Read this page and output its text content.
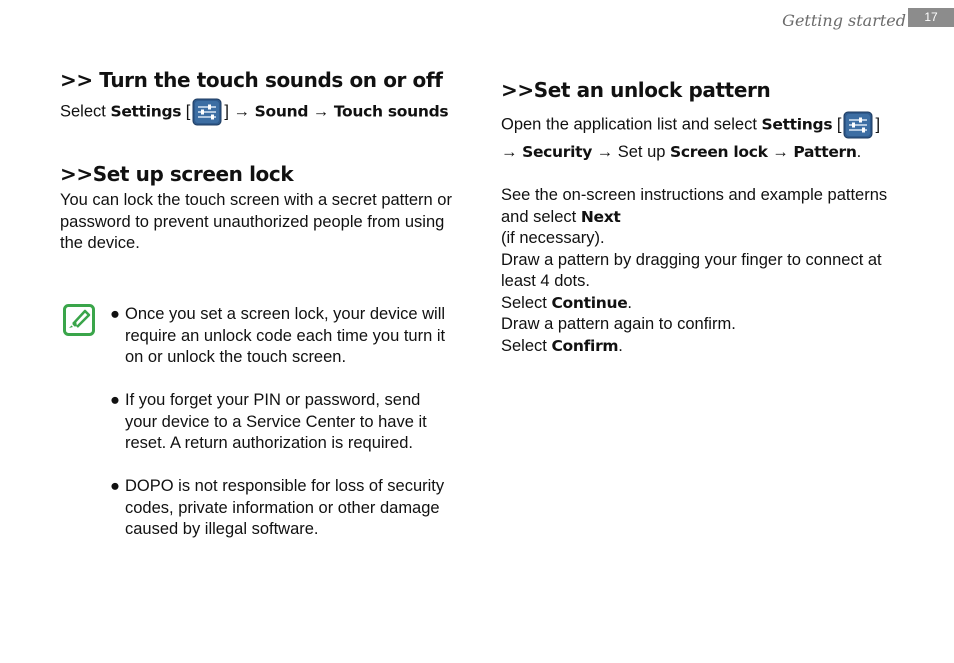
Getting started	17
>> Turn the touch sounds on or off

Select Settings [ ] → Sound → Touch sounds

>>Set up screen lock

You can lock the touch screen with a secret pattern or password to prevent unauthorized people from using the device.

● Once you set a screen lock, your device will require an unlock code each time you turn it on or unlock the touch screen.
● If you forget your PIN or password, send your device to a Service Center to have it reset. A return authorization is required.
● DOPO is not responsible for loss of security codes, private information or other damage caused by illegal software.
>>Set an unlock pattern

Open the application list and select Settings [ ]
→ Security → Set up Screen lock → Pattern.

See the on-screen instructions and example patterns and select Next
(if necessary).

Draw a pattern by dragging your finger to connect at least 4 dots.

Select Continue.

Draw a pattern again to confirm.

Select Confirm.
